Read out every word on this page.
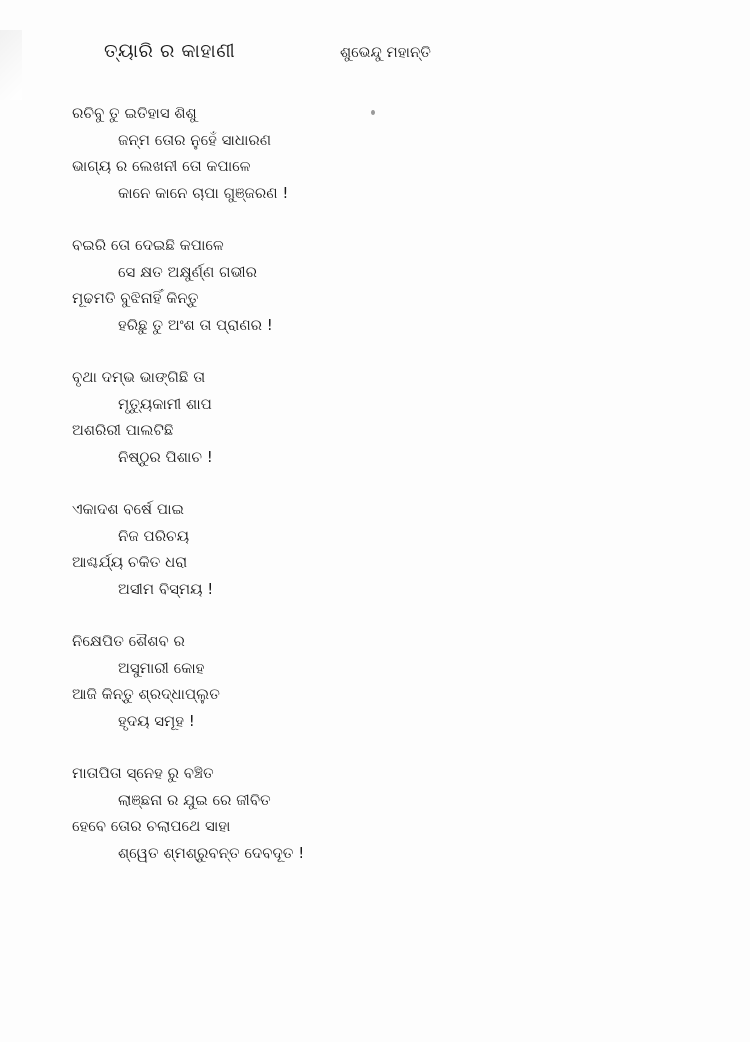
ତ୍ୟାରି ର କାହାଣୀ	ଶୁଭେନ୍ଦୁ ମହାନ୍ତି
ରଚିବୁ ତୁ ଇତିହାସ ଶିଶୁ
ଜନ୍ମ ତୋର ନୁହେଁ ସାଧାରଣ
ଭାଗ୍ୟ ର ଲେଖନୀ ତୋ କପାଳେ
କାନେ କାନେ ଚାପା ଗୁଞ୍ଜରଣ !
ବଇରି ତୋ ଦେଇଛି କପାଳେ
ସେ କ୍ଷତ ଅକ୍ଷୁର୍ଣ୍ଣ ଗଭୀର
ମୂଢମତି ବୁଝିନାହିଁ କିନ୍ତୁ
ହରିଛୁ ତୁ ଅଂଶ ତା ପ୍ରାଣର !
ବୃଥା ଦମ୍ଭ ଭାଙ୍ଗିଛି ତା
ମୃତ୍ୟୁକାମୀ ଶାପ
ଅଶରିରୀ ପାଲଟିଛି
ନିଷ୍ଠୁର ପିଶାଚ !
ଏକାଦଶ ବର୍ଷେ ପାଇ
ନିଜ ପରିଚୟ
ଆଶ୍ଚର୍ଯ୍ୟ ଚକିତ ଧରା
ଅସୀମ ବିସ୍ମୟ !
ନିକ୍ଷେପିତ ଶୈଶବ ର
ଅସୁମାରୀ କୋହ
ଆଜି କିନ୍ତୁ ଶ୍ରଦ୍ଧାପ୍ଲୁତ
ହୃଦୟ ସମୂହ !
ମାତାପିତା ସ୍ନେହ ରୁ ବଞ୍ଚିତ
ଲାଞ୍ଛନା ର ଯୁଇ ରେ ଜୀବିତ
ହେବେ ତୋର ଚଲାପଥେ ସାହା
ଶ୍ୱେତ ଶ୍ମଶ୍ରୁବନ୍ତ ଦେବଦୂତ !
